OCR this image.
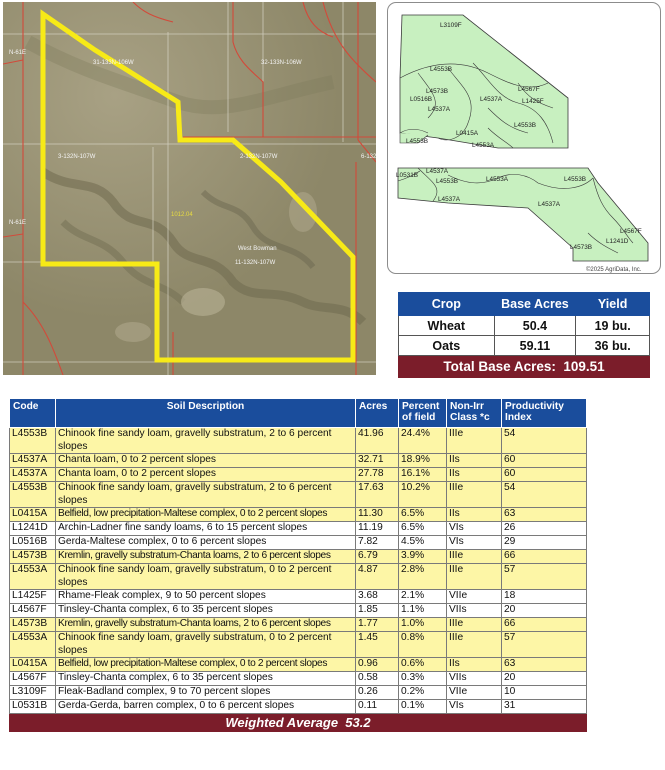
31-133N-106W	32-133N-106W
3-132N-107W	2-132N-107W
1012.04
West Bowman
11-132N-107W
N-61E
N-61E
6-132
L3109F
L4553B
L4567F
L0516B
L4573B
L4537A	L1425F
L4553B
L4537A
L0415A
L4553B
L4553A
L0531B
L4537A
L4553B	L4553A	L4553B
L4537A
L4537A
L4567F
L1241D
L4573B
©2025 AgriData, Inc.
Crop	Base Acres	Yield
Wheat	50.4	19 bu.
Oats	59.11	36 bu.
Total Base Acres:  109.51		
Code	Soil Description	Acres	Percent of field	Non-Irr Class *c	Productivity Index
L4553B	Chinook fine sandy loam, gravelly substratum, 2 to 6 percent slopes	41.96	24.4%	IIIe	54
L4537A	Chanta loam, 0 to 2 percent slopes	32.71	18.9%	IIs	60
L4537A	Chanta loam, 0 to 2 percent slopes	27.78	16.1%	IIs	60
L4553B	Chinook fine sandy loam, gravelly substratum, 2 to 6 percent slopes	17.63	10.2%	IIIe	54
L0415A	Belfield, low precipitation-Maltese complex, 0 to 2 percent slopes	11.30	6.5%	IIs	63
L1241D	Archin-Ladner fine sandy loams, 6 to 15 percent slopes	11.19	6.5%	VIs	26
L0516B	Gerda-Maltese complex, 0 to 6 percent slopes	7.82	4.5%	VIs	29
L4573B	Kremlin, gravelly substratum-Chanta loams, 2 to 6 percent slopes	6.79	3.9%	IIIe	66
L4553A	Chinook fine sandy loam, gravelly substratum, 0 to 2 percent slopes	4.87	2.8%	IIIe	57
L1425F	Rhame-Fleak complex, 9 to 50 percent slopes	3.68	2.1%	VIIe	18
L4567F	Tinsley-Chanta complex, 6 to 35 percent slopes	1.85	1.1%	VIIs	20
L4573B	Kremlin, gravelly substratum-Chanta loams, 2 to 6 percent slopes	1.77	1.0%	IIIe	66
L4553A	Chinook fine sandy loam, gravelly substratum, 0 to 2 percent slopes	1.45	0.8%	IIIe	57
L0415A	Belfield, low precipitation-Maltese complex, 0 to 2 percent slopes	0.96	0.6%	IIs	63
L4567F	Tinsley-Chanta complex, 6 to 35 percent slopes	0.58	0.3%	VIIs	20
L3109F	Fleak-Badland complex, 9 to 70 percent slopes	0.26	0.2%	VIIe	10
L0531B	Gerda-Gerda, barren complex, 0 to 6 percent slopes	0.11	0.1%	VIs	31
Weighted Average  53.2					
